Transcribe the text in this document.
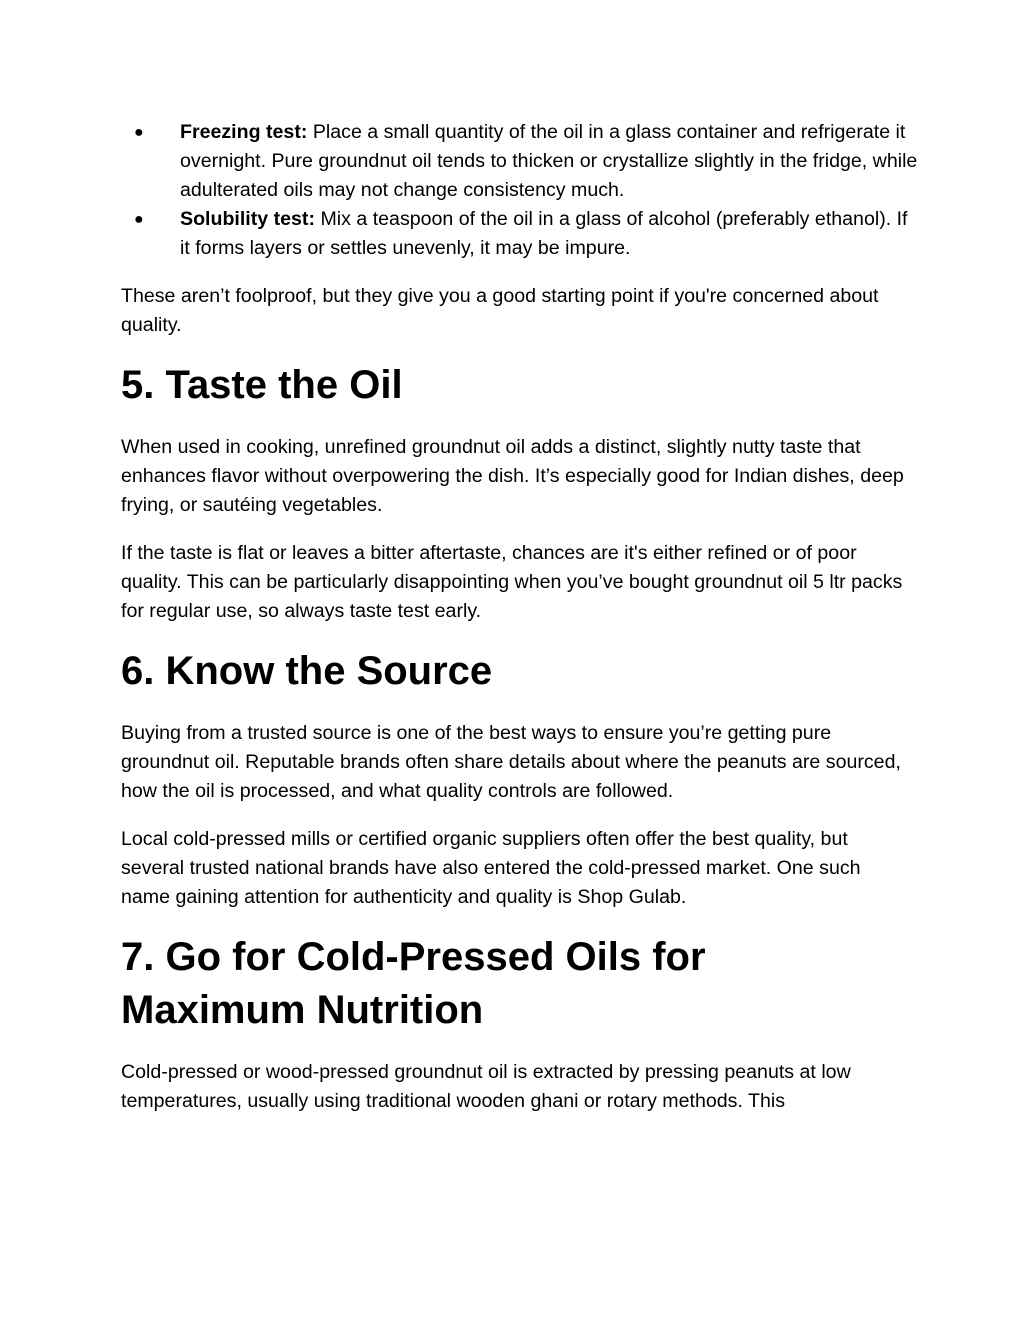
● Freezing test: Place a small quantity of the oil in a glass container and refrigerate it overnight. Pure groundnut oil tends to thicken or crystallize slightly in the fridge, while adulterated oils may not change consistency much.
● Solubility test: Mix a teaspoon of the oil in a glass of alcohol (preferably ethanol). If it forms layers or settles unevenly, it may be impure.

These aren’t foolproof, but they give you a good starting point if you're concerned about quality.

5. Taste the Oil

When used in cooking, unrefined groundnut oil adds a distinct, slightly nutty taste that enhances flavor without overpowering the dish. It’s especially good for Indian dishes, deep frying, or sautéing vegetables.

If the taste is flat or leaves a bitter aftertaste, chances are it's either refined or of poor quality. This can be particularly disappointing when you’ve bought groundnut oil 5 ltr packs for regular use, so always taste test early.

6. Know the Source

Buying from a trusted source is one of the best ways to ensure you’re getting pure groundnut oil. Reputable brands often share details about where the peanuts are sourced, how the oil is processed, and what quality controls are followed.

Local cold-pressed mills or certified organic suppliers often offer the best quality, but several trusted national brands have also entered the cold-pressed market. One such name gaining attention for authenticity and quality is Shop Gulab.

7. Go for Cold-Pressed Oils for Maximum Nutrition

Cold-pressed or wood-pressed groundnut oil is extracted by pressing peanuts at low temperatures, usually using traditional wooden ghani or rotary methods. This
